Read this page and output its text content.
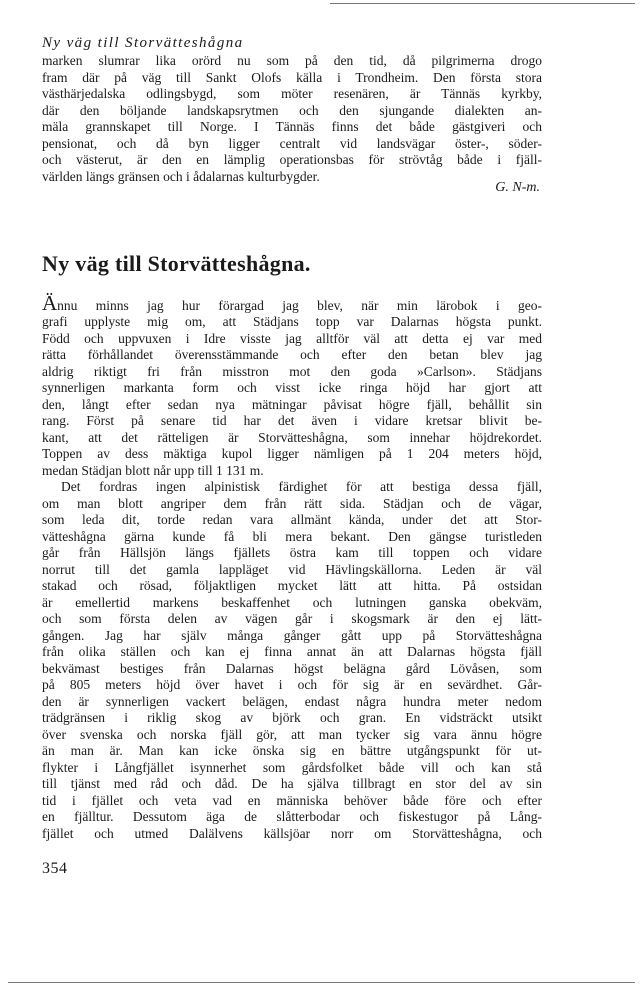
Ny väg till Storvätteshågna

marken slumrar lika orörd nu som på den tid, då pilgrimerna drogo

fram där på väg till Sankt Olofs källa i Trondheim. Den första stora

västhärjedalska odlingsbygd, som möter resenären, är Tännäs kyrkby,

där den böljande landskapsrytmen och den sjungande dialekten an-

mäla grannskapet till Norge. I Tännäs finns det både gästgiveri och

pensionat, och då byn ligger centralt vid landsvägar öster-, söder-

och västerut, är den en lämplig operationsbas för strövtåg både i fjäll-

världen längs gränsen och i ådalarnas kulturbygder.
G. N-m.
Ny väg till Storvätteshågna.

Ännu minns jag hur förargad jag blev, när min lärobok i geo-

grafi upplyste mig om, att Städjans topp var Dalarnas högsta punkt.

Född och uppvuxen i Idre visste jag alltför väl att detta ej var med

rätta förhållandet överensstämmande och efter den betan blev jag

aldrig riktigt fri från misstron mot den goda »Carlson». Städjans

synnerligen markanta form och visst icke ringa höjd har gjort att

den, långt efter sedan nya mätningar påvisat högre fjäll, behållit sin

rang. Först på senare tid har det även i vidare kretsar blivit be-

kant, att det rätteligen är Storvätteshågna, som innehar höjdrekordet.

Toppen av dess mäktiga kupol ligger nämligen på 1 204 meters höjd,

medan Städjan blott når upp till 1 131 m.

Det fordras ingen alpinistisk färdighet för att bestiga dessa fjäll,

om man blott angriper dem från rätt sida. Städjan och de vägar,

som leda dit, torde redan vara allmänt kända, under det att Stor-

vätteshågna gärna kunde få bli mera bekant. Den gängse turistleden

går från Hällsjön längs fjällets östra kam till toppen och vidare

norrut till det gamla lappläget vid Hävlingskällorna. Leden är väl

stakad och rösad, följaktligen mycket lätt att hitta. På ostsidan

är emellertid markens beskaffenhet och lutningen ganska obekväm,

och som första delen av vägen går i skogsmark är den ej lätt-

gången. Jag har själv många gånger gått upp på Storvätteshågna

från olika ställen och kan ej finna annat än att Dalarnas högsta fjäll

bekvämast bestiges från Dalarnas högst belägna gård Lövåsen, som

på 805 meters höjd över havet i och för sig är en sevärdhet. Går-

den är synnerligen vackert belägen, endast några hundra meter nedom

trädgränsen i riklig skog av björk och gran. En vidsträckt utsikt

över svenska och norska fjäll gör, att man tycker sig vara ännu högre

än man är. Man kan icke önska sig en bättre utgångspunkt för ut-

flykter i Långfjället isynnerhet som gårdsfolket både vill och kan stå

till tjänst med råd och dåd. De ha själva tillbragt en stor del av sin

tid i fjället och veta vad en människa behöver både före och efter

en fjälltur. Dessutom äga de slåtterbodar och fiskestugor på Lång-

fjället och utmed Dalälvens källsjöar norr om Storvätteshågna, och

354
